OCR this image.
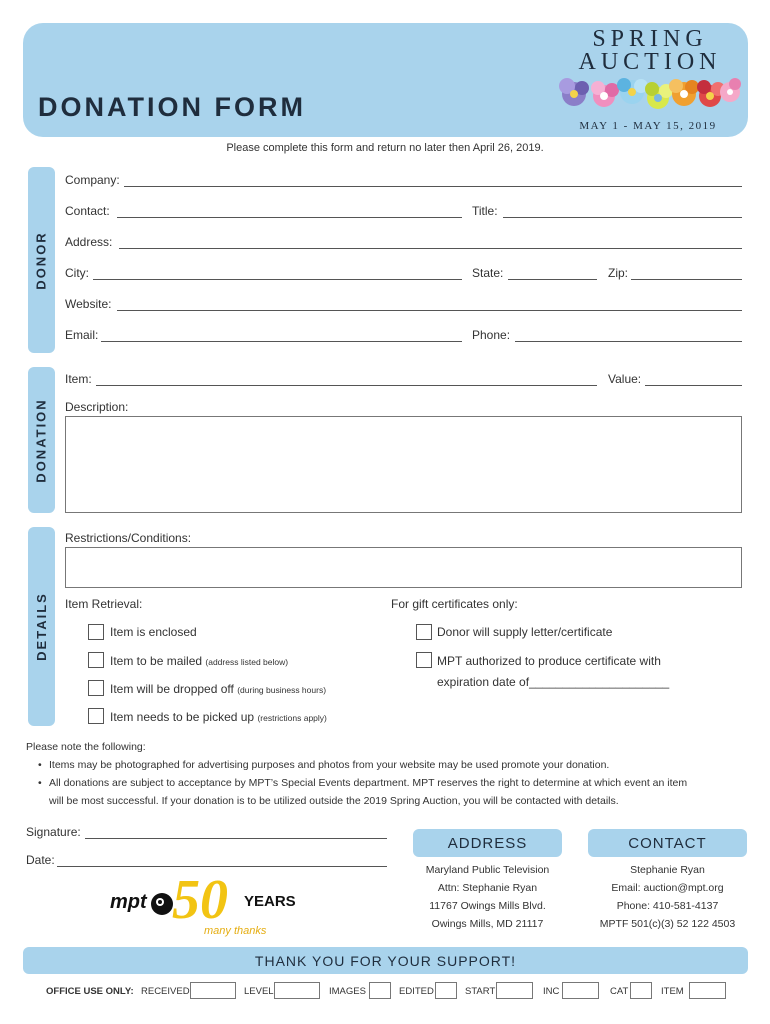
DONATION FORM
SPRING
AUCTION
MAY 1 - MAY 15, 2019
Please complete this form and return no later then April 26, 2019.
DONOR
Company:
Contact:	Title:
Address:
City:	State:	Zip:
Website:
Email:	Phone:
DONATION
Item:	Value:
Description:
DETAILS
Restrictions/Conditions:
Item Retrieval:	For gift certificates only:
Item is enclosed
Item to be mailed (address listed below)
Item will be dropped off (during business hours)
Item needs to be picked up (restrictions apply)
Donor will supply letter/certificate
MPT authorized to produce certificate with
expiration date of_____________________
Please note the following:
• Items may be photographed for advertising purposes and photos from your website may be used promote your donation.
• All donations are subject to acceptance by MPT’s Special Events department. MPT reserves the right to determine at which event an item
will be most successful. If your donation is to be utilized outside the 2019 Spring Auction, you will be contacted with details.
Signature:
Date:
mpt 50 YEARS
many thanks
ADDRESS
Maryland Public Television
Attn: Stephanie Ryan
11767 Owings Mills Blvd.
Owings Mills, MD 21117
CONTACT
Stephanie Ryan
Email: auction@mpt.org
Phone: 410-581-4137
MPTF 501(c)(3) 52 122 4503
THANK YOU FOR YOUR SUPPORT!
OFFICE USE ONLY: RECEIVED	LEVEL	IMAGES	EDITED	START	INC	CAT	ITEM
